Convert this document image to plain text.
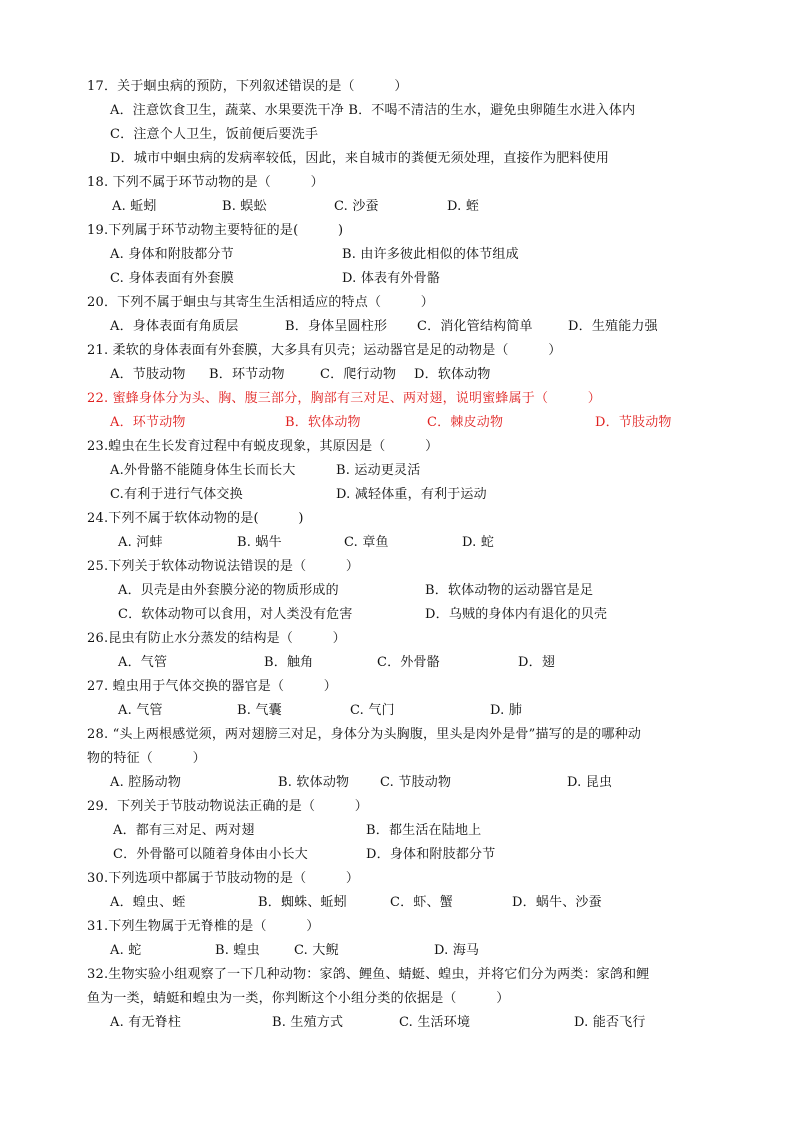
17．关于蛔虫病的预防，下列叙述错误的是（　　　）
A．注意饮食卫生，蔬菜、水果要洗干净 B．不喝不清洁的生水，避免虫卵随生水进入体内
C．注意个人卫生，饭前便后要洗手
D．城市中蛔虫病的发病率较低，因此，来自城市的粪便无须处理，直接作为肥料使用
18. 下列不属于环节动物的是（　　　）

A. 蚯蚓

	B. 蜈蚣

	C. 沙蚕

	D. 蛭

19.下列属于环节动物主要特征的是(　　　)

A. 身体和附肢都分节

	B. 由许多彼此相似的体节组成

C. 身体表面有外套膜

	D. 体表有外骨骼

20．下列不属于蛔虫与其寄生生活相适应的特点（　　　）

A．身体表面有角质层

	B．身体呈圆柱形

C．消化管结构简单

	D．生殖能力强

21. 柔软的身体表面有外套膜，大多具有贝壳；运动器官是足的动物是（　　　）

A．节肢动物

B．环节动物

	C．爬行动物

D．软体动物

22. 蜜蜂身体分为头、胸、腹三部分，胸部有三对足、两对翅，说明蜜蜂属于（　　　）

A．环节动物

	B．软体动物

	C．棘皮动物

	D．节肢动物

23.蝗虫在生长发育过程中有蜕皮现象，其原因是（　　　）

A.外骨骼不能随身体生长而长大

	B. 运动更灵活

C.有利于进行气体交换

	D. 减轻体重，有利于运动

24.下列不属于软体动物的是(　　　)

A. 河蚌

	B. 蜗牛

	C. 章鱼

	D. 蛇

25.下列关于软体动物说法错误的是（　　　）

A．贝壳是由外套膜分泌的物质形成的

	B．软体动物的运动器官是足

C．软体动物可以食用，对人类没有危害

	D．乌贼的身体内有退化的贝壳

26.昆虫有防止水分蒸发的结构是（　　　）

A．气管

	B．触角

	C．外骨骼

	D．翅

27. 蝗虫用于气体交换的器官是（　　　）

A. 气管

	B. 气囊

	C. 气门

	D. 肺

28. “头上两根感觉须，两对翅膀三对足，身体分为头胸腹，里头是肉外是骨”描写的是的哪种动
物的特征（　　　）

A. 腔肠动物

	B. 软体动物

C. 节肢动物

	D. 昆虫

29．下列关于节肢动物说法正确的是（　　　）

A．都有三对足、两对翅

	B．都生活在陆地上

C．外骨骼可以随着身体由小长大

	D．身体和附肢都分节

30.下列选项中都属于节肢动物的是（　　　）

A．蝗虫、蛭

	B．蜘蛛、蚯蚓

	C．虾、蟹

	D．蜗牛、沙蚕

31.下列生物属于无脊椎的是（　　　）

A. 蛇

	B. 蝗虫

	C. 大鲵

	D. 海马

32.生物实验小组观察了一下几种动物：家鸽、鲤鱼、蜻蜓、蝗虫，并将它们分为两类：家鸽和鲤
鱼为一类，蜻蜓和蝗虫为一类，你判断这个小组分类的依据是（　　　）

A. 有无脊柱

	B. 生殖方式

	C. 生活环境

	D. 能否飞行
